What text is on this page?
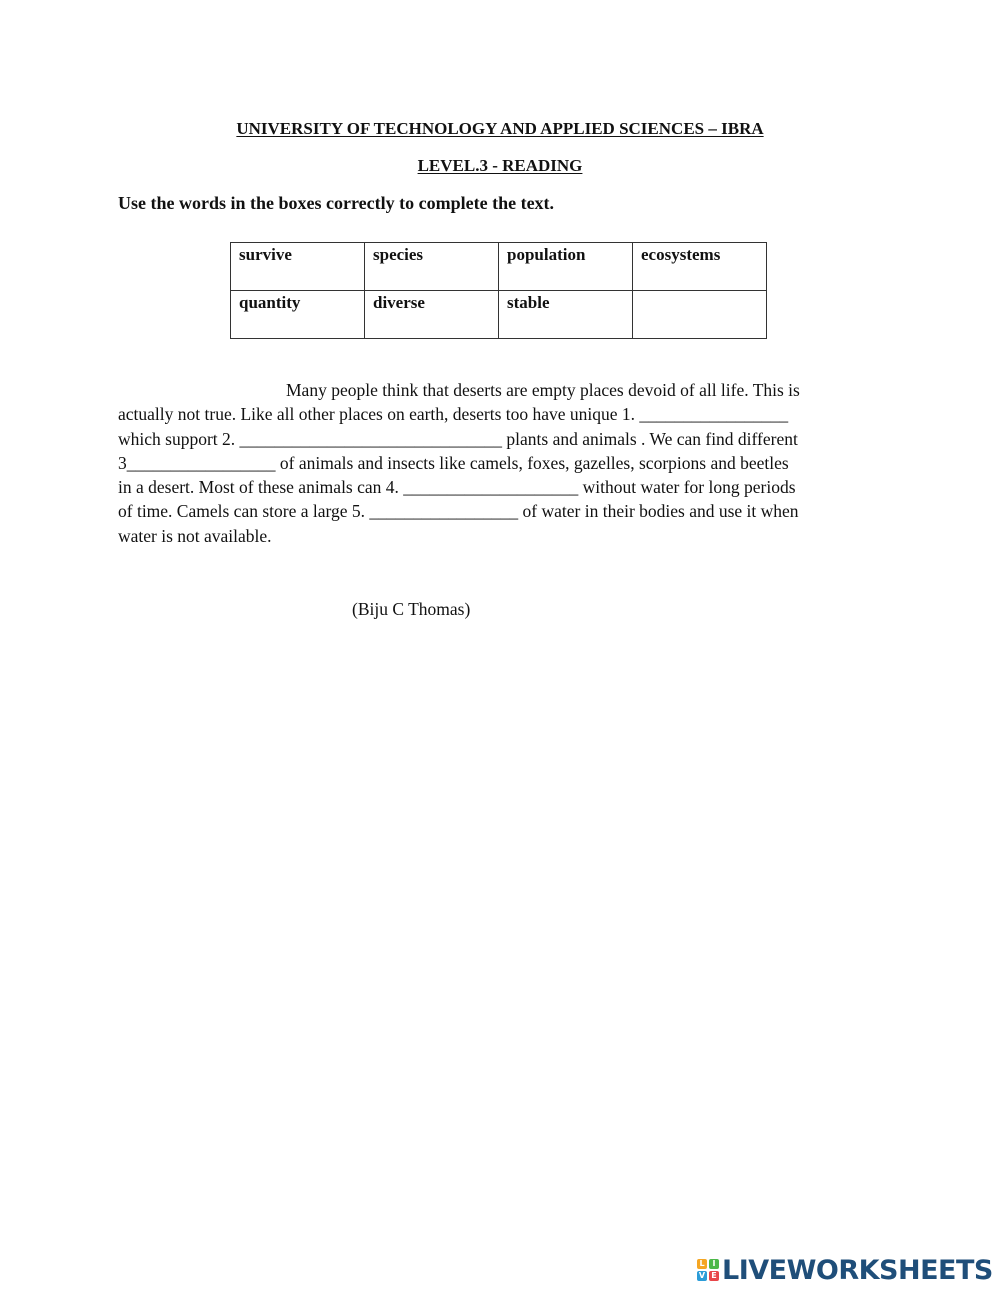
UNIVERSITY OF TECHNOLOGY AND APPLIED SCIENCES – IBRA
LEVEL.3 - READING

Use the words in the boxes correctly to complete the text.

survive	species	population	ecosystems
quantity	diverse	stable	
Many people think that deserts are empty places devoid of all life. This is
actually not true. Like all other places on earth, deserts too have unique 1. _________________
which support 2. ______________________________ plants and animals . We can find different
3_________________ of animals and insects like camels, foxes, gazelles, scorpions and beetles
in a desert. Most of these animals can 4. ____________________ without water for long periods
of time. Camels can store a large 5. _________________ of water in their bodies and use it when
water is not available.

(Biju C Thomas)

L I
V E LIVEWORKSHEETS
